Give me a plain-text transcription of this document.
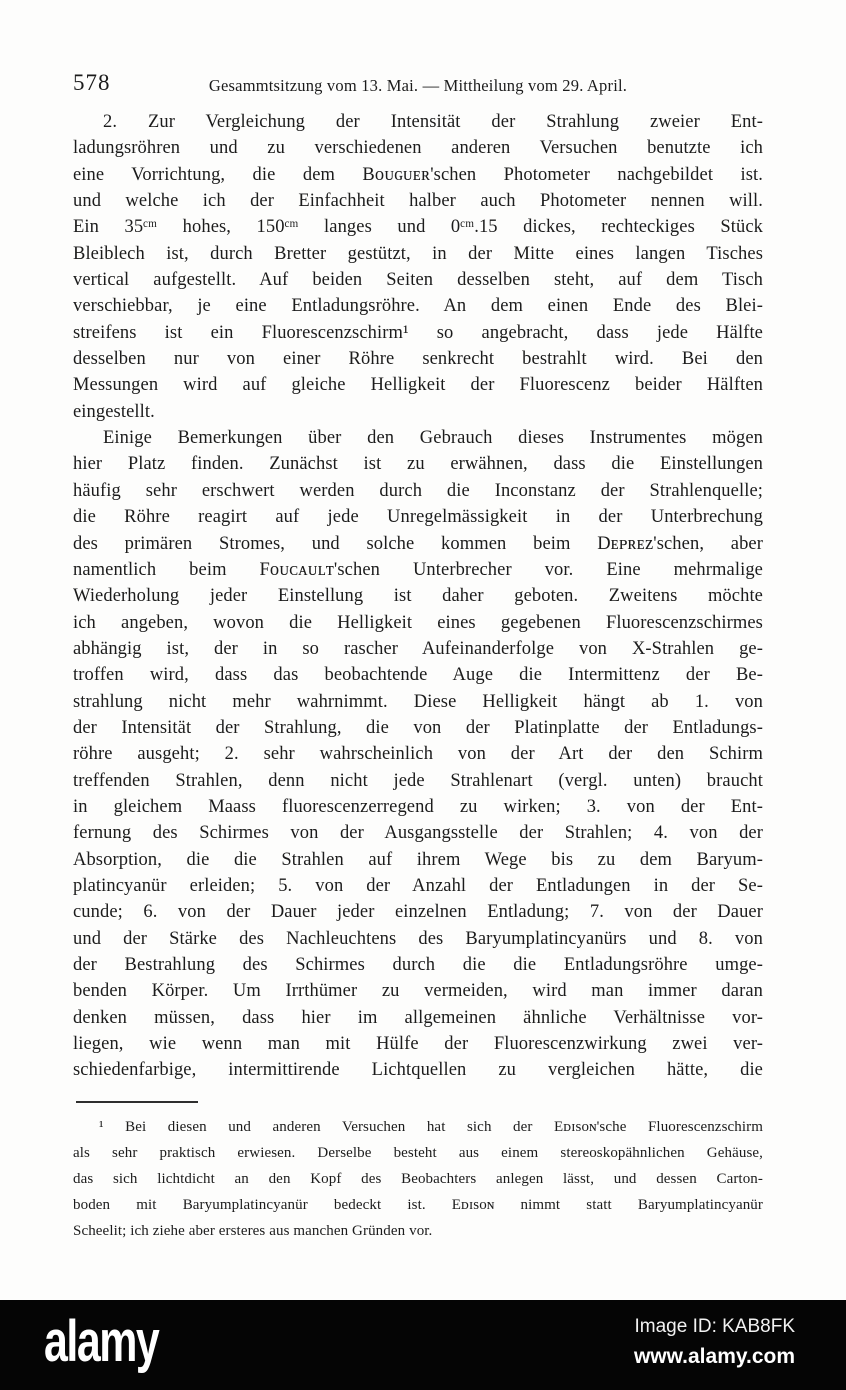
578	Gesammtsitzung vom 13. Mai. — Mittheilung vom 29. April.
2. Zur Vergleichung der Intensität der Strahlung zweier Ent-
ladungsröhren und zu verschiedenen anderen Versuchen benutzte ich
eine Vorrichtung, die dem Bᴏᴜɢᴜᴇʀ'schen Photometer nachgebildet ist.
und welche ich der Einfachheit halber auch Photometer nennen will.
Ein 35ᶜᵐ hohes, 150ᶜᵐ langes und 0ᶜᵐ.15 dickes, rechteckiges Stück
Bleiblech ist, durch Bretter gestützt, in der Mitte eines langen Tisches
vertical aufgestellt. Auf beiden Seiten desselben steht, auf dem Tisch
verschiebbar, je eine Entladungsröhre. An dem einen Ende des Blei-
streifens ist ein Fluorescenzschirm¹ so angebracht, dass jede Hälfte
desselben nur von einer Röhre senkrecht bestrahlt wird. Bei den
Messungen wird auf gleiche Helligkeit der Fluorescenz beider Hälften
eingestellt.
Einige Bemerkungen über den Gebrauch dieses Instrumentes mögen
hier Platz finden. Zunächst ist zu erwähnen, dass die Einstellungen
häufig sehr erschwert werden durch die Inconstanz der Strahlenquelle;
die Röhre reagirt auf jede Unregelmässigkeit in der Unterbrechung
des primären Stromes, und solche kommen beim Dᴇᴘʀᴇᴢ'schen, aber
namentlich beim Fᴏᴜᴄᴀᴜʟᴛ'schen Unterbrecher vor. Eine mehrmalige
Wiederholung jeder Einstellung ist daher geboten. Zweitens möchte
ich angeben, wovon die Helligkeit eines gegebenen Fluorescenzschirmes
abhängig ist, der in so rascher Aufeinanderfolge von X-Strahlen ge-
troffen wird, dass das beobachtende Auge die Intermittenz der Be-
strahlung nicht mehr wahrnimmt. Diese Helligkeit hängt ab 1. von
der Intensität der Strahlung, die von der Platinplatte der Entladungs-
röhre ausgeht; 2. sehr wahrscheinlich von der Art der den Schirm
treffenden Strahlen, denn nicht jede Strahlenart (vergl. unten) braucht
in gleichem Maass fluorescenzerregend zu wirken; 3. von der Ent-
fernung des Schirmes von der Ausgangsstelle der Strahlen; 4. von der
Absorption, die die Strahlen auf ihrem Wege bis zu dem Baryum-
platincyanür erleiden; 5. von der Anzahl der Entladungen in der Se-
cunde; 6. von der Dauer jeder einzelnen Entladung; 7. von der Dauer
und der Stärke des Nachleuchtens des Baryumplatincyanürs und 8. von
der Bestrahlung des Schirmes durch die die Entladungsröhre umge-
benden Körper. Um Irrthümer zu vermeiden, wird man immer daran
denken müssen, dass hier im allgemeinen ähnliche Verhältnisse vor-
liegen, wie wenn man mit Hülfe der Fluorescenzwirkung zwei ver-
schiedenfarbige, intermittirende Lichtquellen zu vergleichen hätte, die
¹ Bei diesen und anderen Versuchen hat sich der Eᴅɪsᴏɴ'sche Fluorescenzschirm
als sehr praktisch erwiesen. Derselbe besteht aus einem stereoskopähnlichen Gehäuse,
das sich lichtdicht an den Kopf des Beobachters anlegen lässt, und dessen Carton-
boden mit Baryumplatincyanür bedeckt ist. Eᴅɪsᴏɴ nimmt statt Baryumplatincyanür
Scheelit; ich ziehe aber ersteres aus manchen Gründen vor.
alamy	Image ID: KAB8FK
www.alamy.com
